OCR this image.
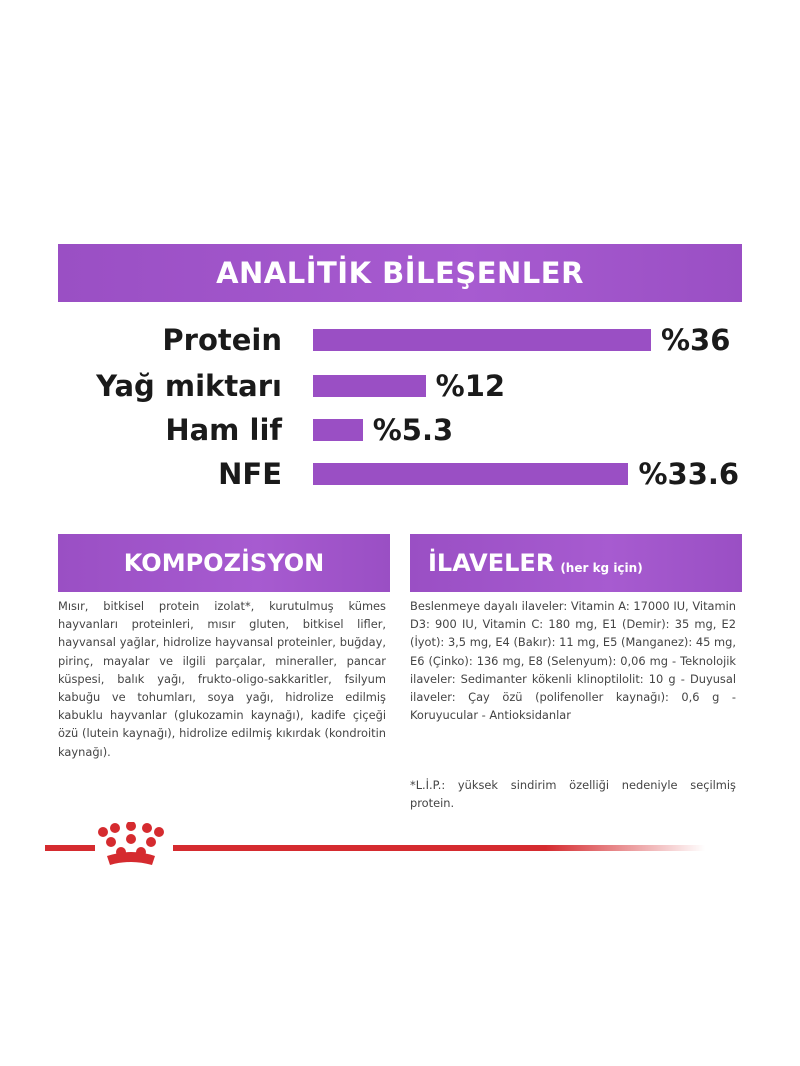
ANALİTİK BİLEŞENLER
Protein	%36
Yağ miktarı	%12
Ham lif	%5.3
NFE	%33.6
KOMPOZİSYON	İLAVELER (her kg için)

Mısır, bitkisel protein izolat*, kurutulmuş kümes hayvanları proteinleri, mısır gluten, bitkisel lifler, hayvansal yağlar, hidrolize hayvansal proteinler, buğday, pirinç, mayalar ve ilgili parçalar, mineraller, pancar küspesi, balık yağı, frukto-oligo-sakkaritler, fsilyum kabuğu ve tohumları, soya yağı, hidrolize edilmiş kabuklu hayvanlar (glukozamin kaynağı), kadife çiçeği özü (lutein kaynağı), hidrolize edilmiş kıkırdak (kondroitin kaynağı).

Beslenmeye dayalı ilaveler: Vitamin A: 17000 IU, Vitamin D3: 900 IU, Vitamin C: 180 mg, E1 (Demir): 35 mg, E2 (İyot): 3,5 mg, E4 (Bakır): 11 mg, E5 (Manganez): 45 mg, E6 (Çinko): 136 mg, E8 (Selenyum): 0,06 mg - Teknolojik ilaveler: Sedimanter kökenli klinoptilolit: 10 g - Duyusal ilaveler: Çay özü (polifenoller kaynağı): 0,6 g - Koruyucular - Antioksidanlar

*L.İ.P.: yüksek sindirim özelliği nedeniyle seçilmiş protein.
